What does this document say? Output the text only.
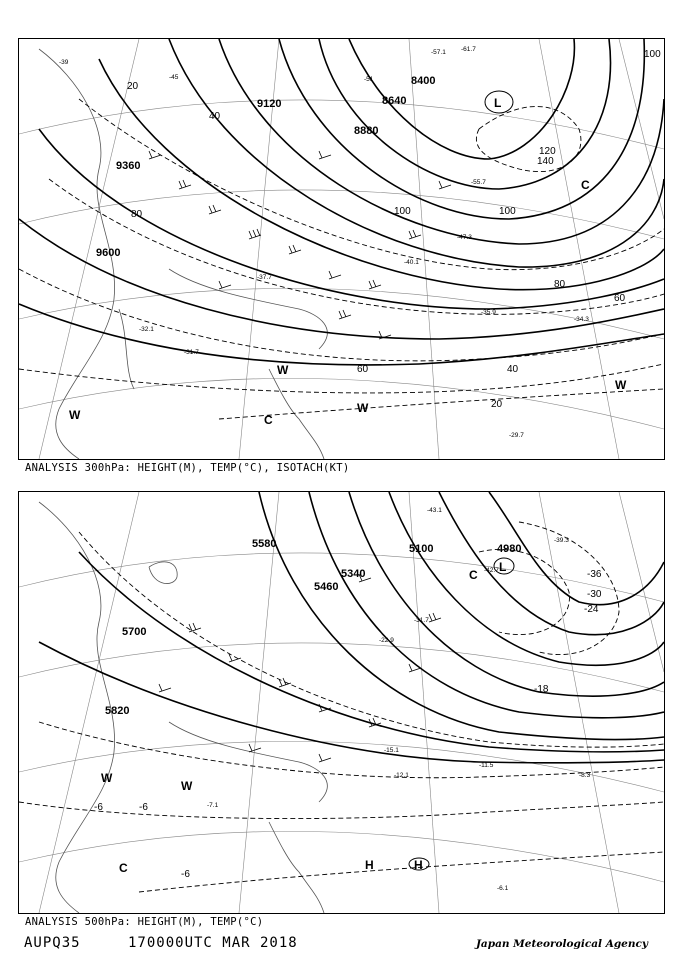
9120
9360
9600
8880
8640
8400
20
40
60
80
100
120
140
20
40
60
80	100
100
-45
-39
-51
-57.1 -61.7
-55.7
-47.3
-40.1
-37.7
-35.9
-34.3
-32.1
-31.7
-29.7
L
W
W	W
W
C
C
ANALYSIS 300hPa: HEIGHT(M), TEMP(°C), ISOTACH(KT)
5580
5700
5820
5460
5340
5100	4980
-6
-6
-6
-18
-24
-30
-36
-43.1
-42.7
-39.3
-31.7
-22.9
-15.1
-12.1
-11.5
-8.3
-7.1
-6.1
L
H	H
W
W
C
C
ANALYSIS 500hPa: HEIGHT(M), TEMP(°C)
AUPQ35	170000UTC MAR 2018	Japan Meteorological Agency
